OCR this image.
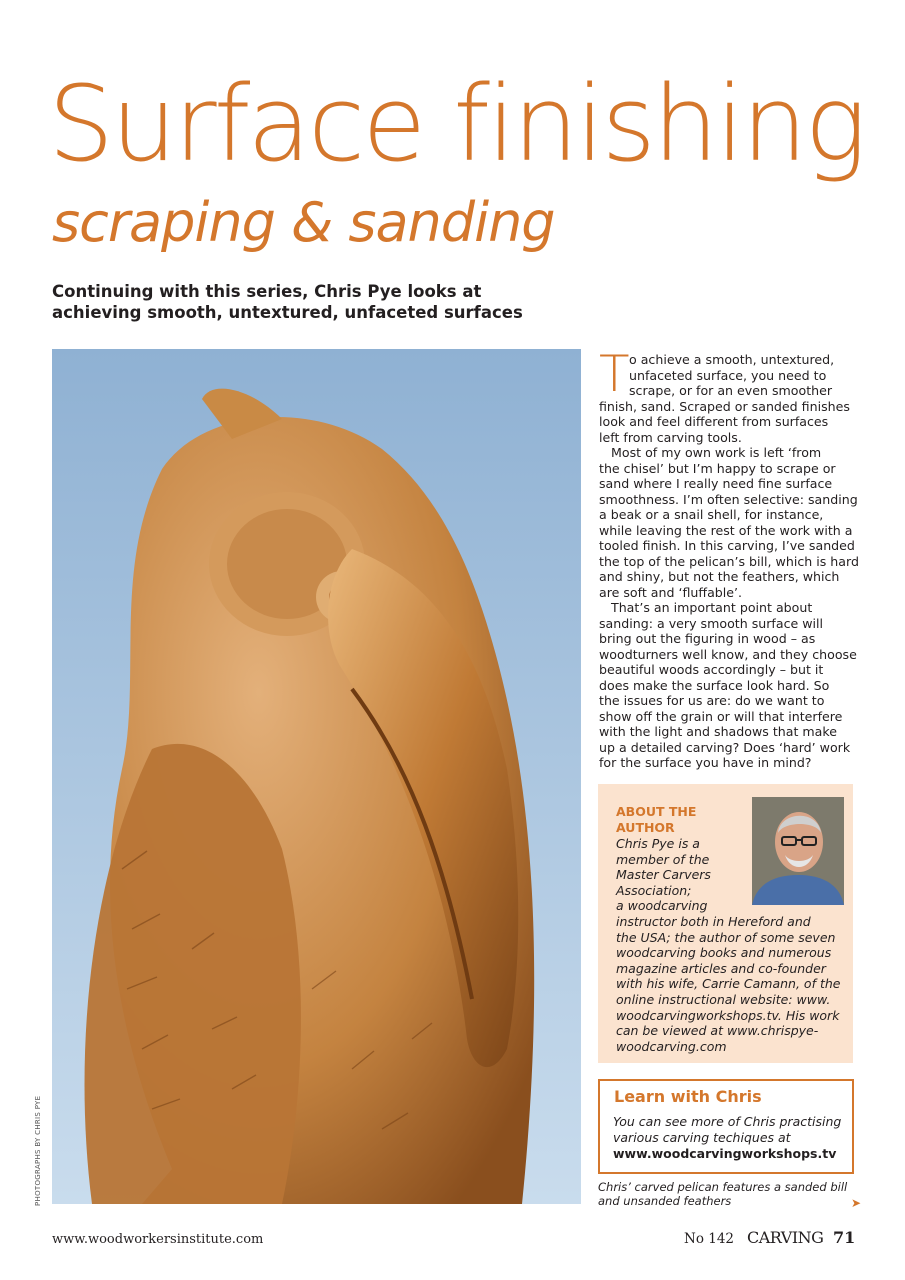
Surface finishing
scraping & sanding
Continuing with this series, Chris Pye looks at
achieving smooth, untextured, unfaceted surfaces
PHOTOGRAPHS BY CHRIS PYE
T o achieve a smooth, untextured,
unfaceted surface, you need to
scrape, or for an even smoother
finish, sand. Scraped or sanded finishes
look and feel different from surfaces
left from carving tools.
Most of my own work is left ‘from
the chisel’ but I’m happy to scrape or
sand where I really need fine surface
smoothness. I’m often selective: sanding
a beak or a snail shell, for instance,
while leaving the rest of the work with a
tooled finish. In this carving, I’ve sanded
the top of the pelican’s bill, which is hard
and shiny, but not the feathers, which
are soft and ‘fluffable’.
That’s an important point about
sanding: a very smooth surface will
bring out the figuring in wood – as
woodturners well know, and they choose
beautiful woods accordingly – but it
does make the surface look hard. So
the issues for us are: do we want to
show off the grain or will that interfere
with the light and shadows that make
up a detailed carving? Does ‘hard’ work
for the surface you have in mind?
ABOUT THE
AUTHOR
Chris Pye is a
member of the
Master Carvers
Association;
a woodcarving
instructor both in Hereford and
the USA; the author of some seven
woodcarving books and numerous
magazine articles and co-founder
with his wife, Carrie Camann, of the
online instructional website: www.
woodcarvingworkshops.tv. His work
can be viewed at www.chrispye-
woodcarving.com
Learn with Chris
You can see more of Chris practising
various carving techiques at
www.woodcarvingworkshops.tv
Chris’ carved pelican features a sanded bill
and unsanded feathers	➤
www.woodworkersinstitute.com	No 142 CARVING 71
